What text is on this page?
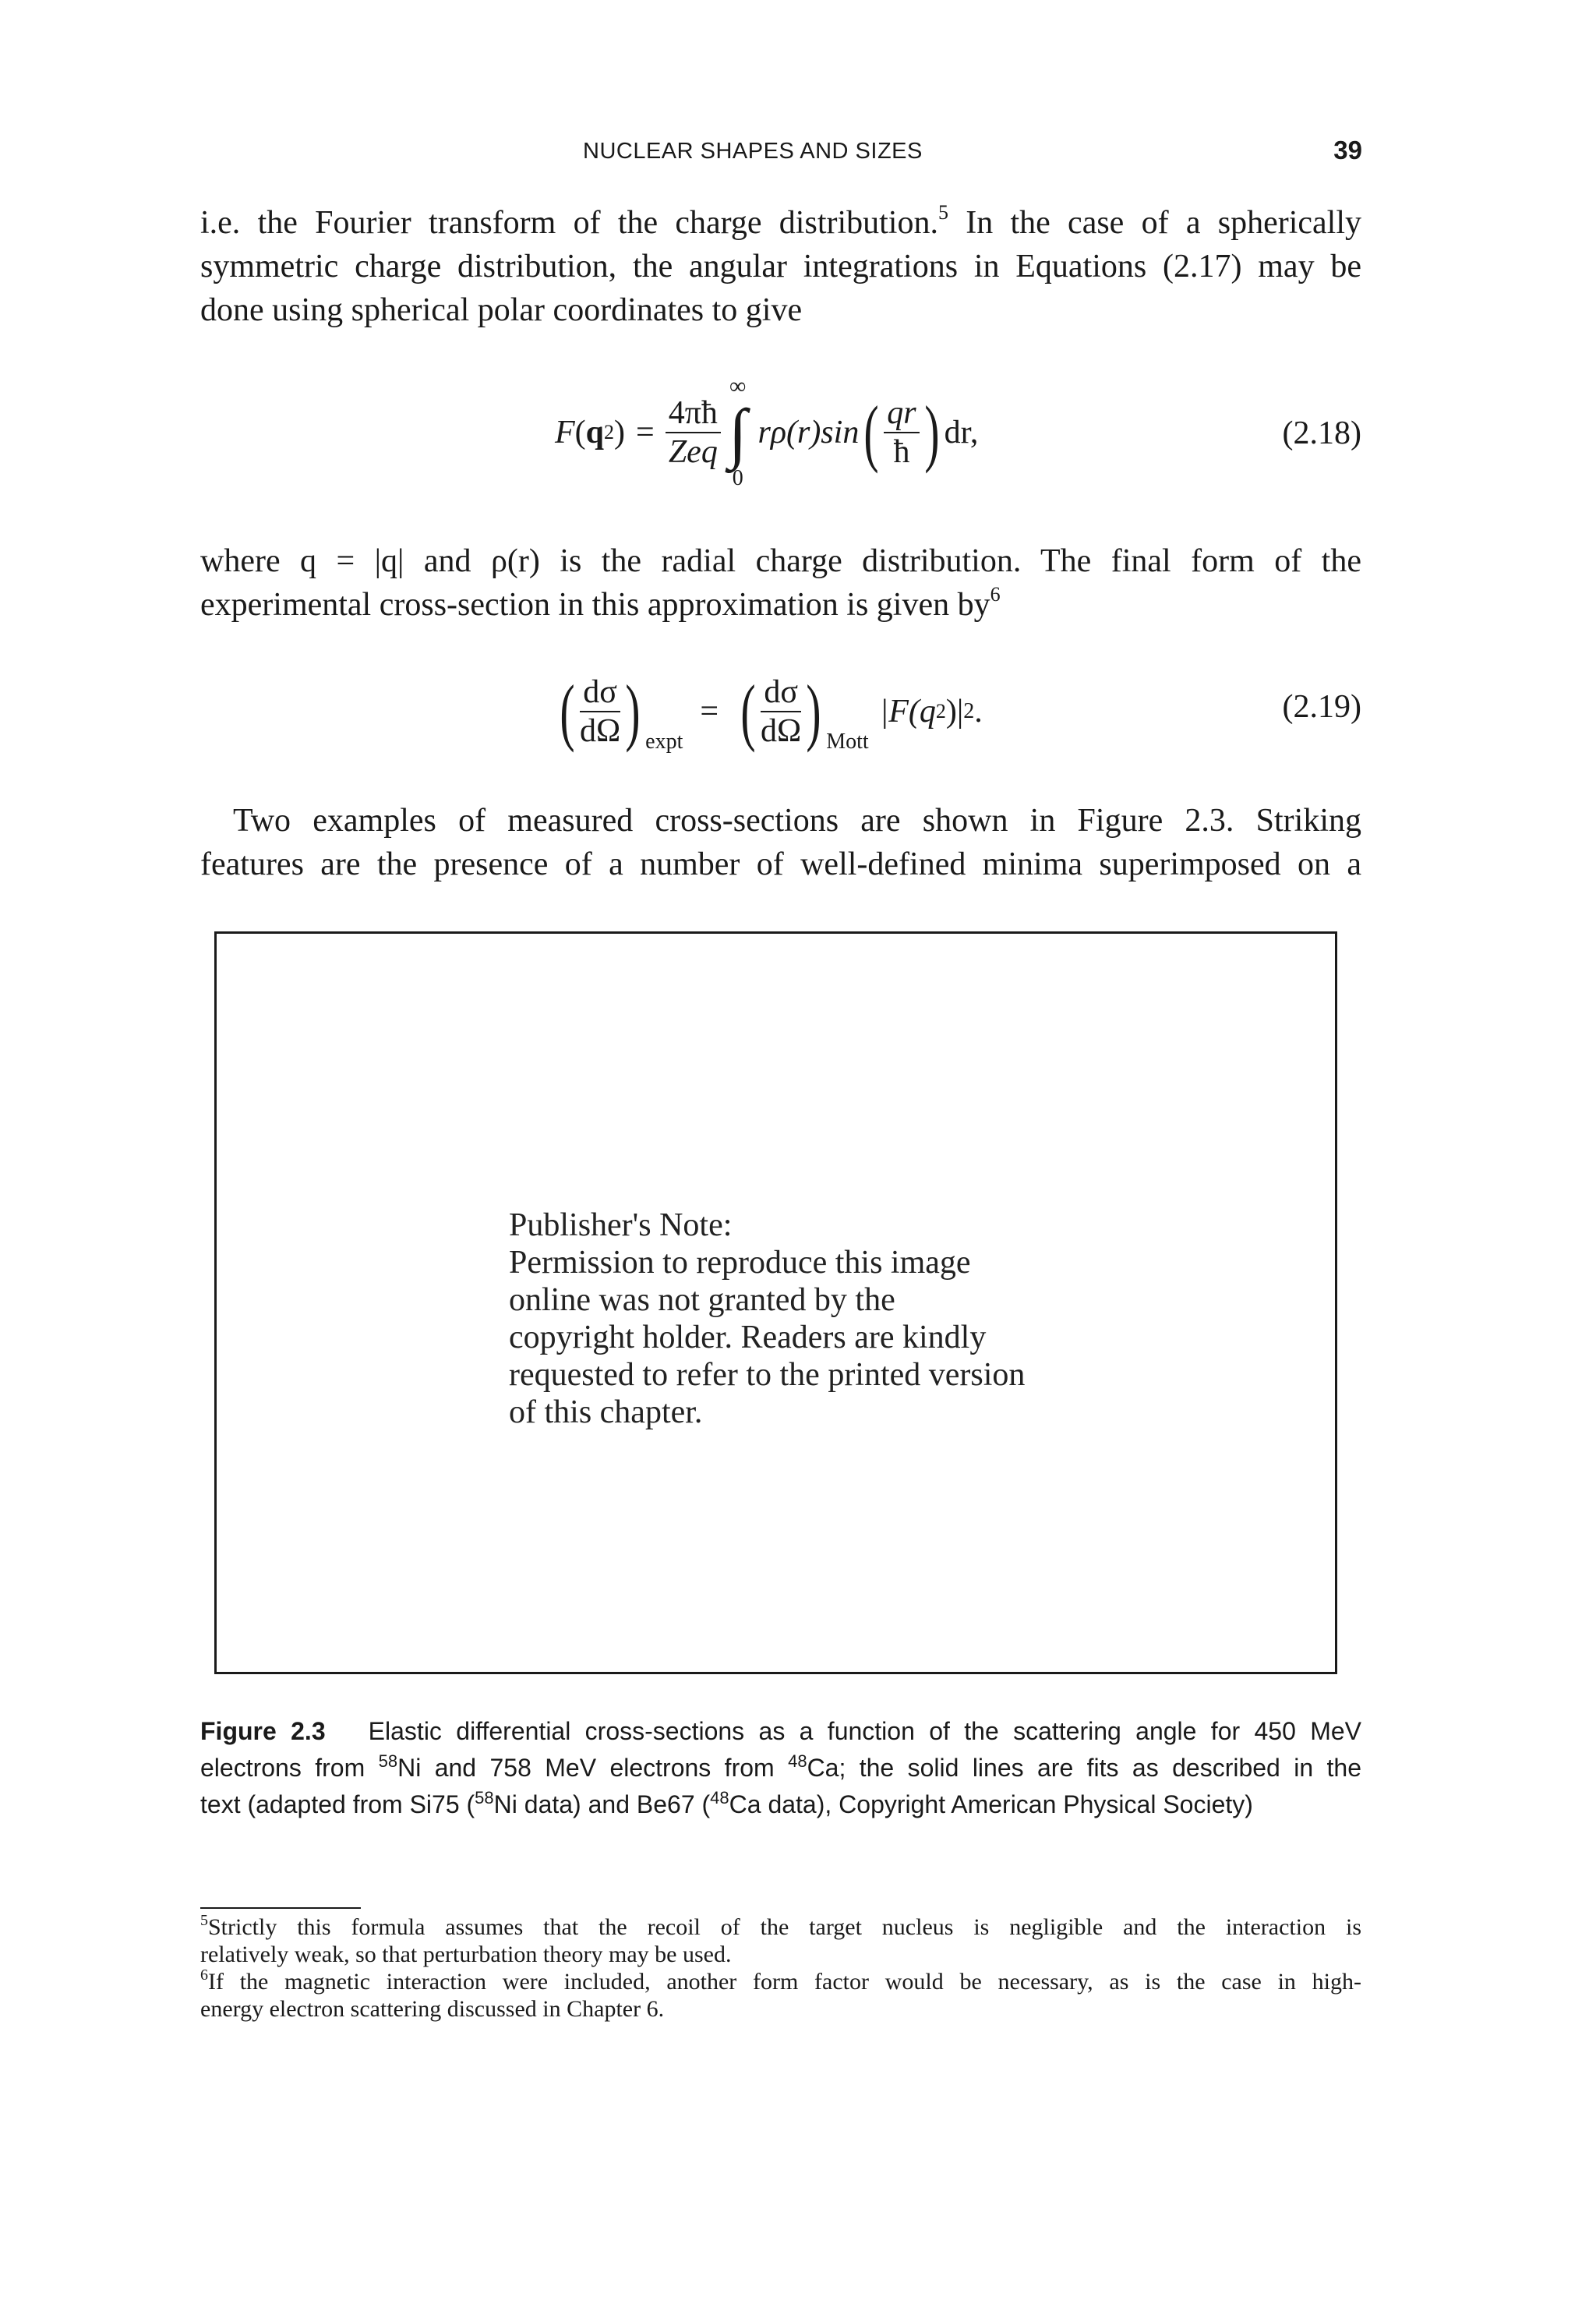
NUCLEAR SHAPES AND SIZES	39
i.e. the Fourier transform of the charge distribution.$^5$ In the case of a spherically
symmetric charge distribution, the angular integrations in Equations (2.17) may be
done using spherical polar coordinates to give
F ( q 2 ) = $\frac{4\pi ħ}{\text{Zeq}}$
∞
∫
0
rρ(r)sin ( $\frac{qr}{ħ}$ ) dr,	(2.18)
where q = |q| and ρ(r) is the radial charge distribution. The final form of the
experimental cross-section in this approximation is given by$^6$
( $\frac{d\sigma}{d\Omega}$ ) expt
= ( $\frac{d\sigma}{d\Omega}$ ) Mott
|F(q 2 )| 2 .	(2.19)
Two examples of measured cross-sections are shown in Figure 2.3. Striking
features are the presence of a number of well-defined minima superimposed on a
Publisher's Note:
Permission to reproduce this image
online was not granted by the
copyright holder. Readers are kindly
requested to refer to the printed version
of this chapter.
Figure 2.3 Elastic differential cross-sections as a function of the scattering angle for 450 MeV
electrons from $^{58}$Ni and 758 MeV electrons from $^{48}$Ca; the solid lines are fits as described in the
text (adapted from Si75 ($^{58}$Ni data) and Be67 ($^{48}$Ca data), Copyright American Physical Society)
$^5$Strictly this formula assumes that the recoil of the target nucleus is negligible and the interaction is
relatively weak, so that perturbation theory may be used.
$^6$If the magnetic interaction were included, another form factor would be necessary, as is the case in high-
energy electron scattering discussed in Chapter 6.
